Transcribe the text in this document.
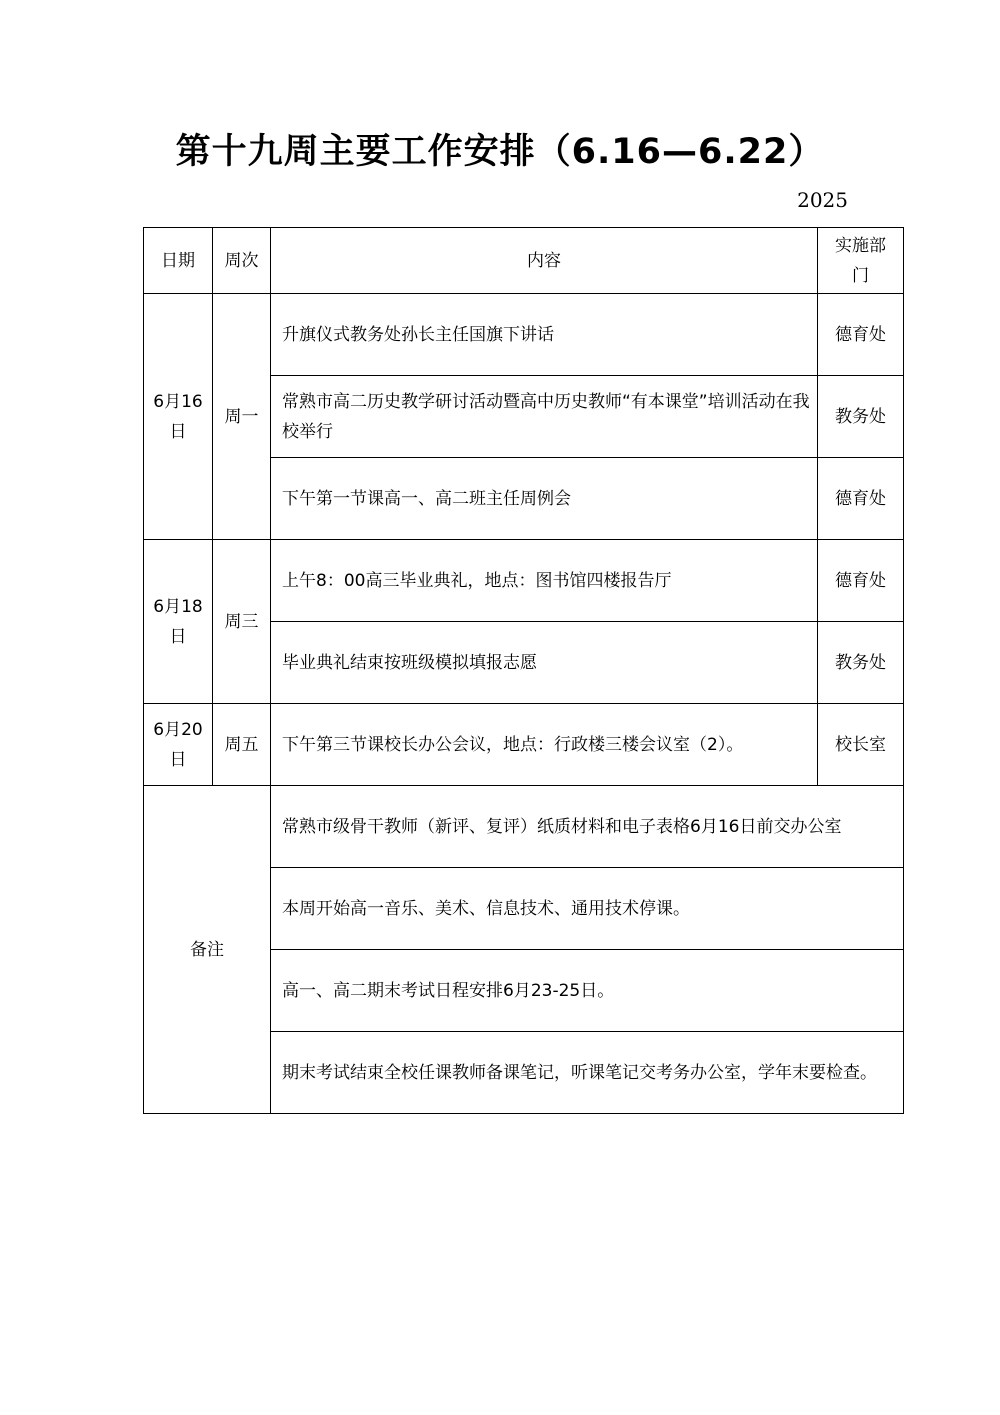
第十九周主要工作安排（6.16—6.22）
2025
日期	周次	内容	实施部门
6月16日	周一	升旗仪式教务处孙长主任国旗下讲话	德育处
		常熟市高二历史教学研讨活动暨高中历史教师“有本课堂”培训活动在我校举行	教务处
		下午第一节课高一、高二班主任周例会	德育处
6月18日	周三	上午8：00高三毕业典礼，地点：图书馆四楼报告厅	德育处
		毕业典礼结束按班级模拟填报志愿	教务处
6月20日	周五	下午第三节课校长办公会议，地点：行政楼三楼会议室（2）。	校长室
备注		常熟市级骨干教师（新评、复评）纸质材料和电子表格6月16日前交办公室	
		本周开始高一音乐、美术、信息技术、通用技术停课。	
		高一、高二期末考试日程安排6月23-25日。	
		期末考试结束全校任课教师备课笔记，听课笔记交考务办公室，学年末要检查。	
